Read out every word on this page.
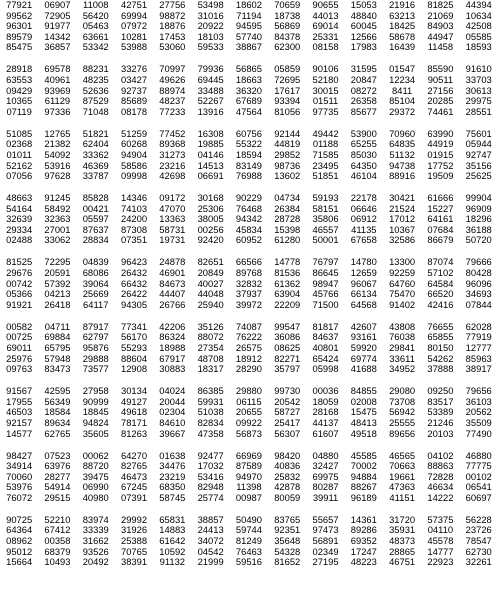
77921	06907	11008	42751	27756	53498	18602	70659	90655	15053	21916	81825	44394
99562	72905	56420	69994	98872	31016	71194	18738	44013	48840	63213	21069	10634
96301	91977	05463	07972	18876	20922	94595	56869	69014	60045	18425	84903	42508
89579	14342	63661	10281	17453	18103	57740	84378	25331	12566	58678	44947	05585
85475	36857	53342	53988	53060	59533	38867	62300	08158	17983	16439	11458	18593
28918	69578	88231	33276	70997	79936	56865	05859	90106	31595	01547	85590	91610
63553	40961	48235	03427	49626	69445	18663	72695	52180	20847	12234	90511	33703
09429	93969	52636	92737	88974	33488	36320	17617	30015	08272	8411	27156	30613
10365	61129	87529	85689	48237	52267	67689	93394	01511	26358	85104	20285	29975
07119	97336	71048	08178	77233	13916	47564	81056	97735	85677	29372	74461	28551
51085	12765	51821	51259	77452	16308	60756	92144	49442	53900	70960	63990	75601
02368	21382	62404	60268	89368	19885	55322	44819	01188	65255	64835	44919	05944
01011	54092	33362	94904	31273	04146	18594	29852	71585	85030	51132	01915	92747
52162	53916	46369	58586	23216	14513	83149	98736	23495	64350	94738	17752	35156
07056	97628	33787	09998	42698	06691	76988	13602	51851	46104	88916	19509	25625
48663	91245	85828	14346	09172	30168	90229	04734	59193	22178	30421	61666	99904
54164	58492	00421	74103	47070	25306	76468	26384	58151	06646	21524	15227	96909
32639	32363	05597	24200	13363	38005	94342	28728	35806	06912	17012	64161	18296
29334	27001	87637	87308	58731	00256	45834	15398	46557	41135	10367	07684	36188
02488	33062	28834	07351	19731	92420	60952	61280	50001	67658	32586	86679	50720
81525	72295	04839	96423	24878	82651	66566	14778	76797	14780	13300	87074	79666
29676	20591	68086	26432	46901	20849	89768	81536	86645	12659	92259	57102	80428
00742	57392	39064	66432	84673	40027	32832	61362	98947	96067	64760	64584	96096
05366	04213	25669	26422	44407	44048	37937	63904	45766	66134	75470	66520	34693
91921	26418	64117	94305	26766	25940	39972	22209	71500	64568	91402	42416	07844
00582	04711	87917	77341	42206	35126	74087	99547	81817	42607	43808	76655	62028
00725	69884	62797	56170	86324	88072	76222	36086	84637	93161	76038	65855	77919
69011	65795	95876	55293	18988	27354	26575	08625	40801	59920	29841	80150	12777
25976	57948	29888	88604	67917	48708	18912	82271	65424	69774	33611	54262	85963
09763	83473	73577	12908	30883	18317	28290	35797	05998	41688	34952	37888	38917
91567	42595	27958	30134	04024	86385	29880	99730	00036	84855	29080	09250	79656
17955	56349	90999	49127	20044	59931	06115	20542	18059	02008	73708	83517	36103
46503	18584	18845	49618	02304	51038	20655	58727	28168	15475	56942	53389	20562
92157	89634	94824	78171	84610	82834	09922	25417	44137	48413	25555	21246	35509
14577	62765	35605	81263	39667	47358	56873	56307	61607	49518	89656	20103	77490
98427	07523	00062	64270	01638	92477	66969	98420	04880	45585	46565	04102	46880
34914	63976	88720	82765	34476	17032	87589	40836	32427	70002	70663	88863	77775
70060	28277	39475	46473	23219	53416	94970	25832	69975	94884	19661	72828	00102
53976	54914	06990	67245	68350	82948	11398	42878	80287	88267	47363	46634	06541
76072	29515	40980	07391	58745	25774	00987	80059	39911	96189	41151	14222	60697
90725	52210	83974	29992	65831	38857	50490	83765	55657	14361	31720	57375	56228
64364	67412	33339	31926	14883	24413	59744	92351	97473	89286	35931	04110	23726
08962	00358	31662	25388	61642	34072	81249	35648	56891	69352	48373	45578	78547
95012	68379	93526	70765	10592	04542	76463	54328	02349	17247	28865	14777	62730
15664	10493	20492	38391	91132	21999	59516	81652	27195	48223	46751	22923	32261
